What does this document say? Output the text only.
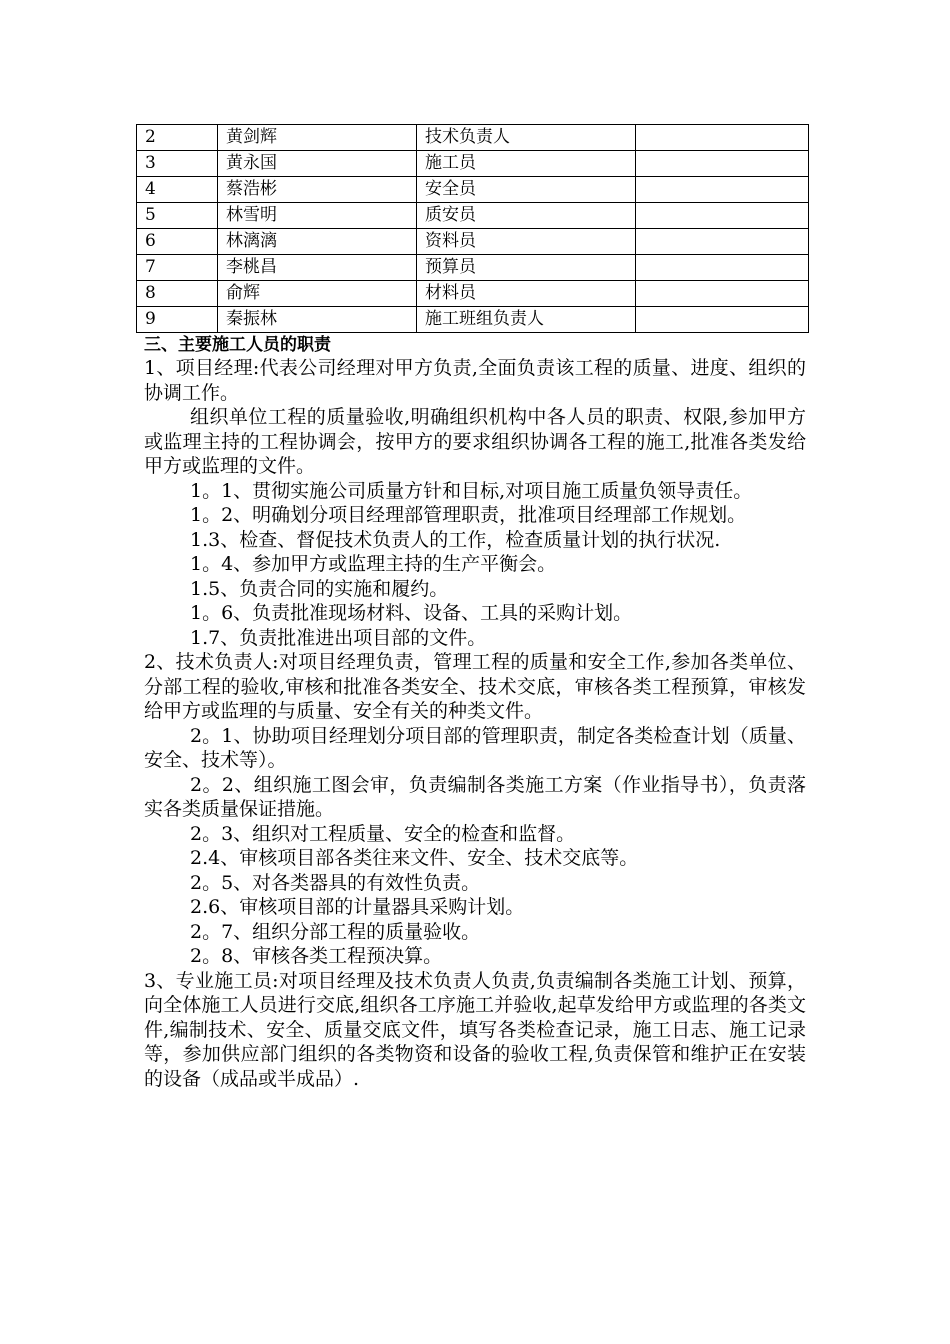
2	黄剑辉	技术负责人	
3	黄永国	施工员	
4	蔡浩彬	安全员	
5	林雪明	质安员	
6	林漓漓	资料员	
7	李桃昌	预算员	
8	俞辉	材料员	
9	秦振林	施工班组负责人	
三、主要施工人员的职责

1、项目经理:代表公司经理对甲方负责,全面负责该工程的质量、进度、组织的协调工作。

组织单位工程的质量验收,明确组织机构中各人员的职责、权限,参加甲方或监理主持的工程协调会，按甲方的要求组织协调各工程的施工,批准各类发给甲方或监理的文件。

1。1、贯彻实施公司质量方针和目标,对项目施工质量负领导责任。

1。2、明确划分项目经理部管理职责，批准项目经理部工作规划。

1.3、检查、督促技术负责人的工作，检查质量计划的执行状况.

1。4、参加甲方或监理主持的生产平衡会。

1.5、负责合同的实施和履约。

1。6、负责批准现场材料、设备、工具的采购计划。

1.7、负责批准进出项目部的文件。

2、技术负责人:对项目经理负责，管理工程的质量和安全工作,参加各类单位、分部工程的验收,审核和批准各类安全、技术交底，审核各类工程预算，审核发给甲方或监理的与质量、安全有关的种类文件。

2。1、协助项目经理划分项目部的管理职责，制定各类检查计划（质量、安全、技术等）。

2。2、组织施工图会审，负责编制各类施工方案（作业指导书），负责落实各类质量保证措施。

2。3、组织对工程质量、安全的检查和监督。

2.4、审核项目部各类往来文件、安全、技术交底等。

2。5、对各类器具的有效性负责。

2.6、审核项目部的计量器具采购计划。

2。7、组织分部工程的质量验收。

2。8、审核各类工程预决算。

3、专业施工员:对项目经理及技术负责人负责,负责编制各类施工计划、预算，向全体施工人员进行交底,组织各工序施工并验收,起草发给甲方或监理的各类文件,编制技术、安全、质量交底文件，填写各类检查记录，施工日志、施工记录等，参加供应部门组织的各类物资和设备的验收工程,负责保管和维护正在安装的设备（成品或半成品）.
